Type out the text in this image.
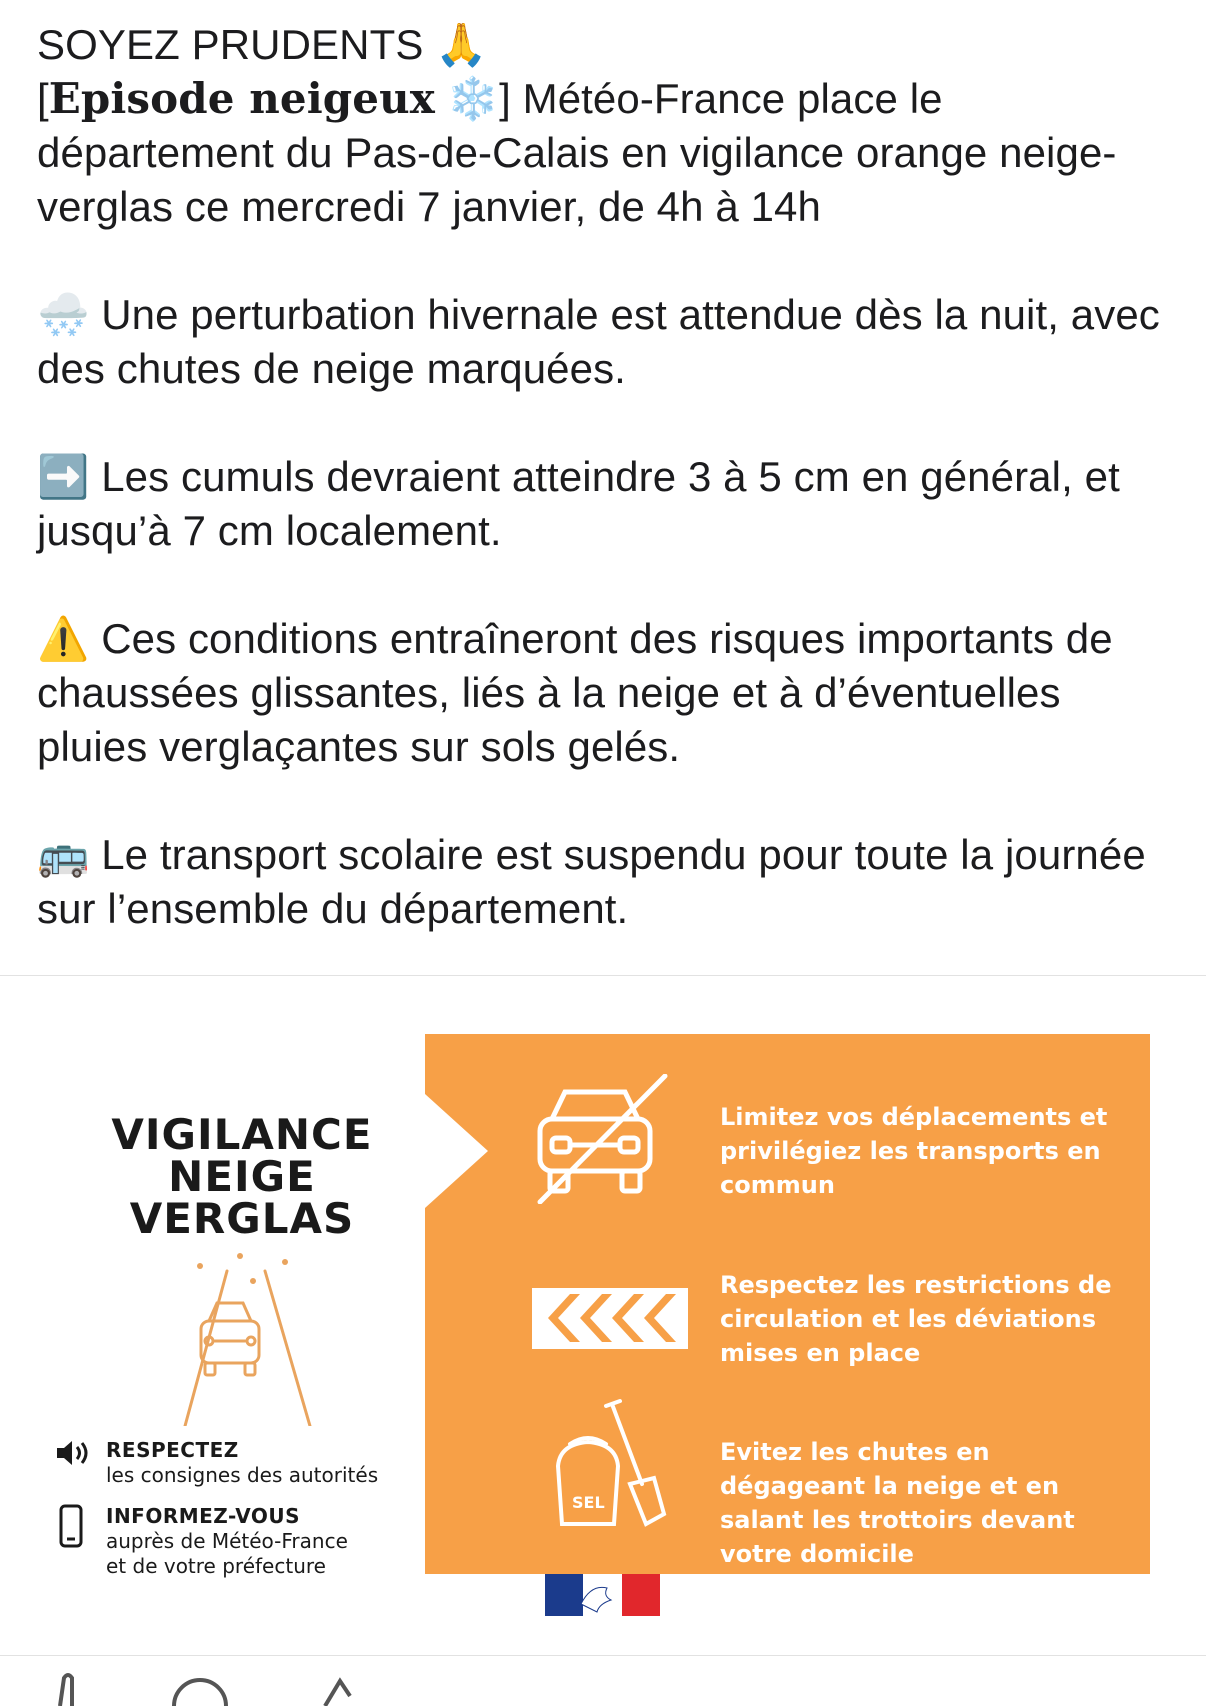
SOYEZ PRUDENTS 🙏

[Episode neigeux ❄️] Météo-France place le département du Pas-de-Calais en vigilance orange neige-verglas ce mercredi 7 janvier, de 4h à 14h

🌨️ Une perturbation hivernale est attendue dès la nuit, avec des chutes de neige marquées.

➡️ Les cumuls devraient atteindre 3 à 5 cm en général, et jusqu’à 7 cm localement.

⚠️ Ces conditions entraîneront des risques importants de chaussées glissantes, liés à la neige et à d’éventuelles pluies verglaçantes sur sols gelés.

🚌 Le transport scolaire est suspendu pour toute la journée sur l’ensemble du département.

VIGILANCE
NEIGE
VERGLAS
RESPECTEZ
les consignes des autorités
INFORMEZ-VOUS
auprès de Météo-France
et de votre préfecture
SEL
Limitez vos déplacements et privilégiez les transports en commun
Respectez les restrictions de circulation et les déviations mises en place
Evitez les chutes en dégageant la neige et en salant les trottoirs devant votre domicile
